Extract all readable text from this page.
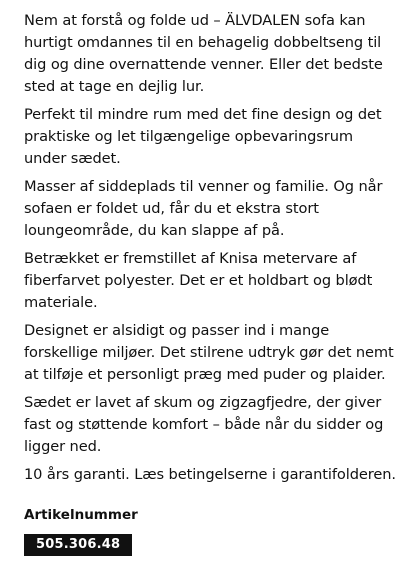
Nem at forstå og folde ud – ÄLVDALEN sofa kan hurtigt omdannes til en behagelig dobbeltseng til dig og dine overnattende venner. Eller det bedste sted at tage en dejlig lur.

Perfekt til mindre rum med det fine design og det praktiske og let tilgængelige opbevaringsrum under sædet.

Masser af siddeplads til venner og familie. Og når sofaen er foldet ud, får du et ekstra stort loungeområde, du kan slappe af på.

Betrækket er fremstillet af Knisa metervare af fiberfarvet polyester. Det er et holdbart og blødt materiale.

Designet er alsidigt og passer ind i mange forskellige miljøer. Det stilrene udtryk gør det nemt at tilføje et personligt præg med puder og plaider.

Sædet er lavet af skum og zigzagfjedre, der giver fast og støttende komfort – både når du sidder og ligger ned.

10 års garanti. Læs betingelserne i garantifolderen.

Artikelnummer
505.306.48
